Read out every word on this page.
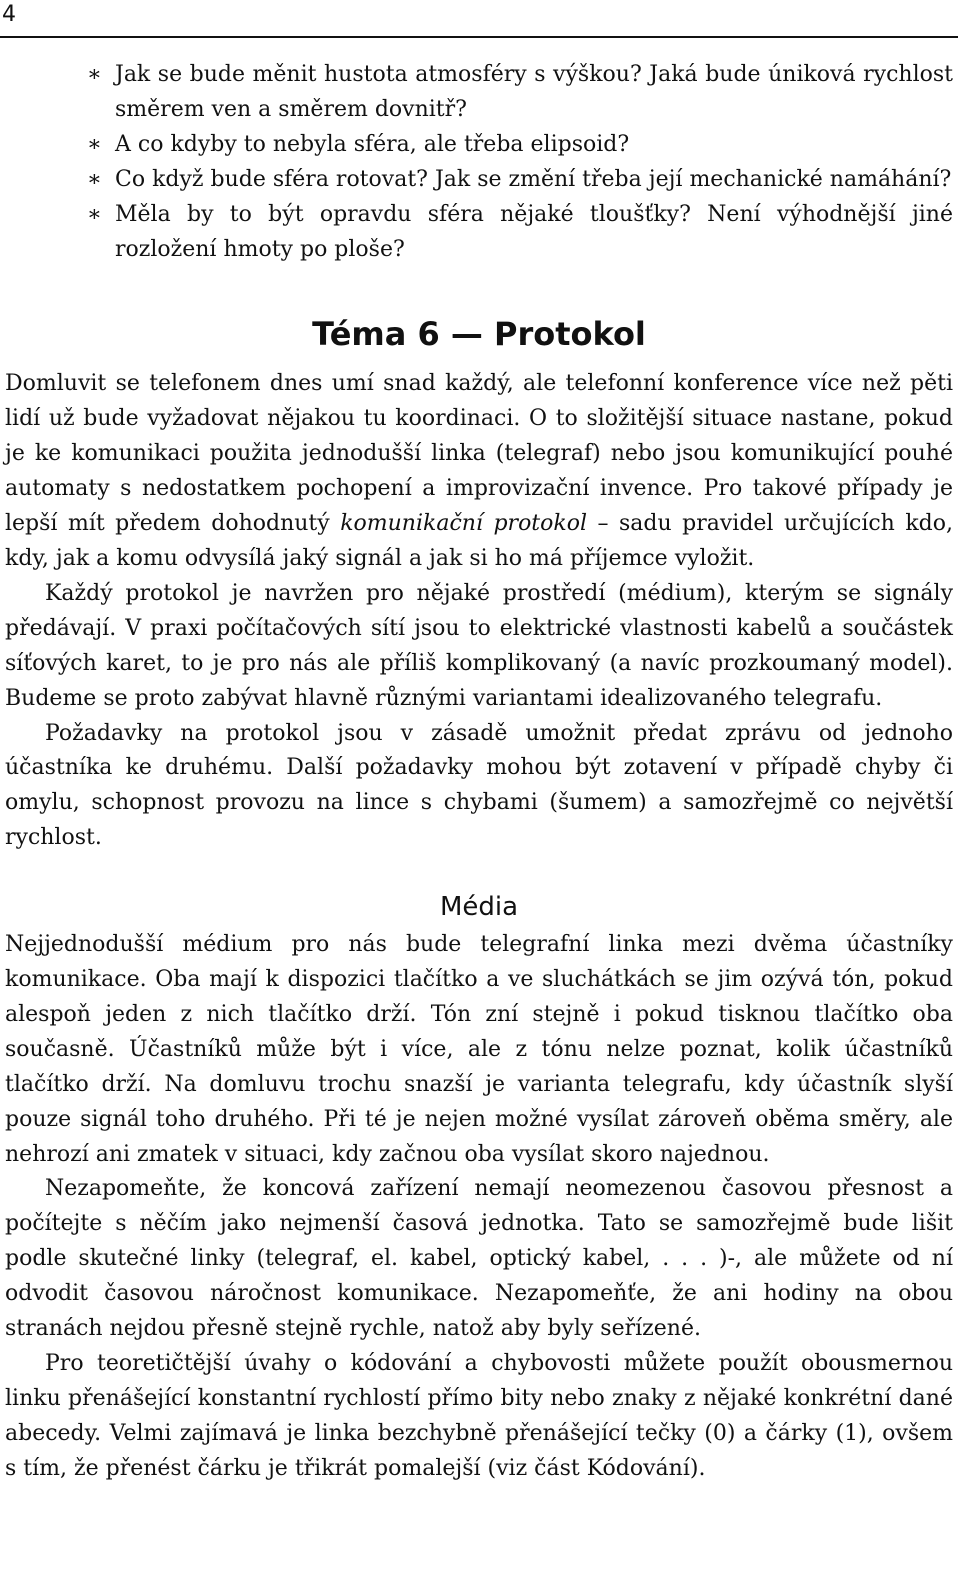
4
∗ Jak se bude měnit hustota atmosféry s výškou? Jaká bude úniková rychlost směrem ven a směrem dovnitř?
∗ A co kdyby to nebyla sféra, ale třeba elipsoid?
∗ Co když bude sféra rotovat? Jak se změní třeba její mechanické namáhání?
∗ Měla by to být opravdu sféra nějaké tloušťky? Není výhodnější jiné rozložení hmoty po ploše?
Téma 6 — Protokol

Domluvit se telefonem dnes umí snad každý, ale telefonní konference více než pěti lidí už bude vyžadovat nějakou tu koordinaci. O to složitější situace nastane, pokud je ke komunikaci použita jednodušší linka (telegraf) nebo jsou komunikující pouhé automaty s nedostatkem pochopení a improvizační invence. Pro takové případy je lepší mít předem dohodnutý komunikační protokol – sadu pravidel určujících kdo, kdy, jak a komu odvysílá jaký signál a jak si ho má příjemce vyložit.

Každý protokol je navržen pro nějaké prostředí (médium), kterým se signály předávají. V praxi počítačových sítí jsou to elektrické vlastnosti kabelů a součástek síťových karet, to je pro nás ale příliš komplikovaný (a navíc prozkoumaný model). Budeme se proto zabývat hlavně různými variantami idealizovaného telegrafu.

Požadavky na protokol jsou v zásadě umožnit předat zprávu od jednoho účastníka ke druhému. Další požadavky mohou být zotavení v případě chyby či omylu, schopnost provozu na lince s chybami (šumem) a samozřejmě co největší rychlost.

Média

Nejjednodušší médium pro nás bude telegrafní linka mezi dvěma účastníky komunikace. Oba mají k dispozici tlačítko a ve sluchátkách se jim ozývá tón, pokud alespoň jeden z nich tlačítko drží. Tón zní stejně i pokud tisknou tlačítko oba současně. Účastníků může být i více, ale z tónu nelze poznat, kolik účastníků tlačítko drží. Na domluvu trochu snazší je varianta telegrafu, kdy účastník slyší pouze signál toho druhého. Při té je nejen možné vysílat zároveň oběma směry, ale nehrozí ani zmatek v situaci, kdy začnou oba vysílat skoro najednou.

Nezapomeňte, že koncová zařízení nemají neomezenou časovou přesnost a počítejte s něčím jako nejmenší časová jednotka. Tato se samozřejmě bude lišit podle skutečné linky (telegraf, el. kabel, optický kabel, . . . )-, ale můžete od ní odvodit časovou náročnost komunikace. Nezapomeňťe, že ani hodiny na obou stranách nejdou přesně stejně rychle, natož aby byly seřízené.

Pro teoretičtější úvahy o kódování a chybovosti můžete použít obousmernou linku přenášející konstantní rychlostí přímo bity nebo znaky z nějaké konkrétní dané abecedy. Velmi zajímavá je linka bezchybně přenášející tečky (0) a čárky (1), ovšem s tím, že přenést čárku je třikrát pomalejší (viz část Kódování).
